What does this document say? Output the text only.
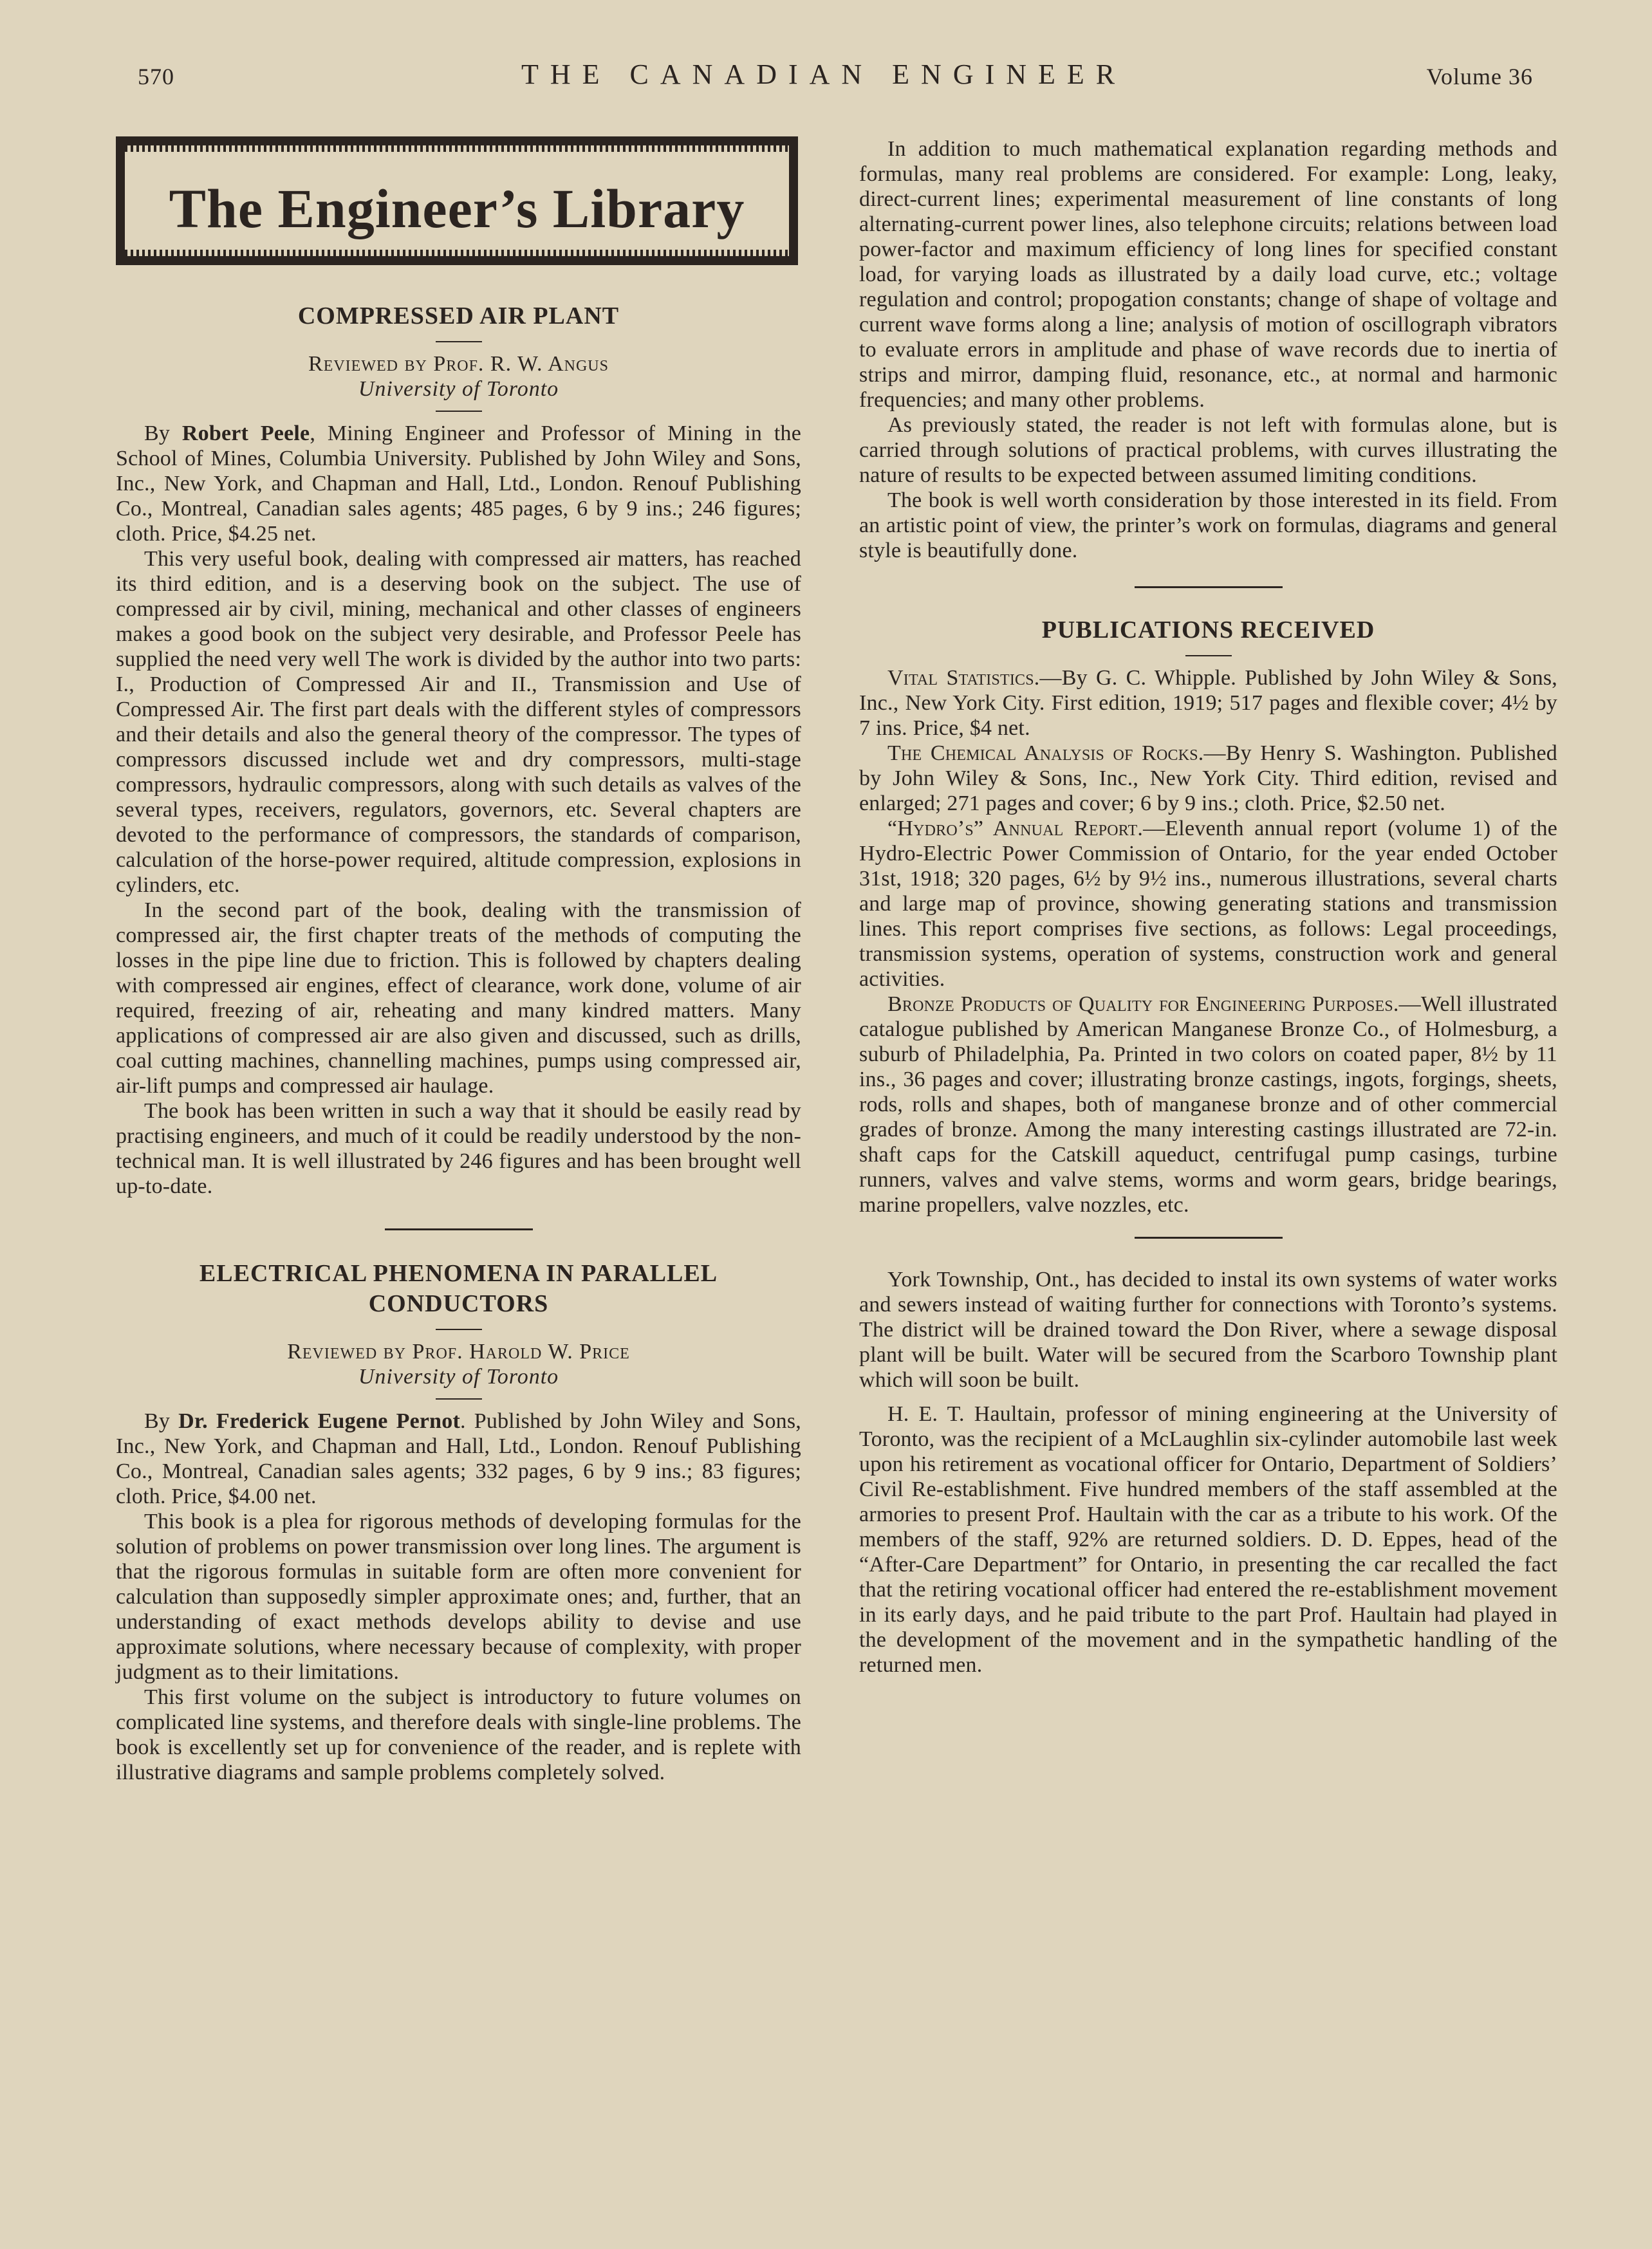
570	THE CANADIAN ENGINEER	Volume 36
The Engineer’s Library
COMPRESSED AIR PLANT
Reviewed by Prof. R. W. Angus
University of Toronto

By Robert Peele, Mining Engineer and Professor of Mining in the School of Mines, Columbia University. Published by John Wiley and Sons, Inc., New York, and Chapman and Hall, Ltd., London. Renouf Publishing Co., Montreal, Canadian sales agents; 485 pages, 6 by 9 ins.; 246 figures; cloth. Price, $4.25 net.

This very useful book, dealing with compressed air matters, has reached its third edition, and is a deserving book on the subject. The use of compressed air by civil, mining, mechanical and other classes of engineers makes a good book on the subject very desirable, and Professor Peele has supplied the need very well The work is divided by the author into two parts: I., Production of Compressed Air and II., Transmission and Use of Compressed Air. The first part deals with the different styles of compressors and their details and also the general theory of the compressor. The types of compressors discussed include wet and dry compressors, multi-stage compressors, hydraulic compressors, along with such details as valves of the several types, receivers, regulators, governors, etc. Several chapters are devoted to the performance of compressors, the standards of comparison, calculation of the horse-power required, altitude compression, explosions in cylinders, etc.

In the second part of the book, dealing with the transmission of compressed air, the first chapter treats of the methods of computing the losses in the pipe line due to friction. This is followed by chapters dealing with compressed air engines, effect of clearance, work done, volume of air required, freezing of air, reheating and many kindred matters. Many applications of compressed air are also given and discussed, such as drills, coal cutting machines, channelling machines, pumps using compressed air, air-lift pumps and compressed air haulage.

The book has been written in such a way that it should be easily read by practising engineers, and much of it could be readily understood by the non-technical man. It is well illustrated by 246 figures and has been brought well up-to-date.

ELECTRICAL PHENOMENA IN PARALLEL
CONDUCTORS
Reviewed by Prof. Harold W. Price
University of Toronto

By Dr. Frederick Eugene Pernot. Published by John Wiley and Sons, Inc., New York, and Chapman and Hall, Ltd., London. Renouf Publishing Co., Montreal, Canadian sales agents; 332 pages, 6 by 9 ins.; 83 figures; cloth. Price, $4.00 net.

This book is a plea for rigorous methods of developing formulas for the solution of problems on power transmission over long lines. The argument is that the rigorous formulas in suitable form are often more convenient for calculation than supposedly simpler approximate ones; and, further, that an understanding of exact methods develops ability to devise and use approximate solutions, where necessary because of complexity, with proper judgment as to their limitations.

This first volume on the subject is introductory to future volumes on complicated line systems, and therefore deals with single-line problems. The book is excellently set up for convenience of the reader, and is replete with illustrative diagrams and sample problems completely solved.

In addition to much mathematical explanation regarding methods and formulas, many real problems are considered. For example: Long, leaky, direct-current lines; experimental measurement of line constants of long alternating-current power lines, also telephone circuits; relations between load power-factor and maximum efficiency of long lines for specified constant load, for varying loads as illustrated by a daily load curve, etc.; voltage regulation and control; propogation constants; change of shape of voltage and current wave forms along a line; analysis of motion of oscillograph vibrators to evaluate errors in amplitude and phase of wave records due to inertia of strips and mirror, damping fluid, resonance, etc., at normal and harmonic frequencies; and many other problems.

As previously stated, the reader is not left with formulas alone, but is carried through solutions of practical problems, with curves illustrating the nature of results to be expected between assumed limiting conditions.

The book is well worth consideration by those interested in its field. From an artistic point of view, the printer’s work on formulas, diagrams and general style is beautifully done.

PUBLICATIONS RECEIVED

Vital Statistics.—By G. C. Whipple. Published by John Wiley & Sons, Inc., New York City. First edition, 1919; 517 pages and flexible cover; 4½ by 7 ins. Price, $4 net.

The Chemical Analysis of Rocks.—By Henry S. Washington. Published by John Wiley & Sons, Inc., New York City. Third edition, revised and enlarged; 271 pages and cover; 6 by 9 ins.; cloth. Price, $2.50 net.

“Hydro’s” Annual Report.—Eleventh annual report (volume 1) of the Hydro-Electric Power Commission of Ontario, for the year ended October 31st, 1918; 320 pages, 6½ by 9½ ins., numerous illustrations, several charts and large map of province, showing generating stations and transmission lines. This report comprises five sections, as follows: Legal proceedings, transmission systems, operation of systems, construction work and general activities.

Bronze Products of Quality for Engineering Purposes.—Well illustrated catalogue published by American Manganese Bronze Co., of Holmesburg, a suburb of Philadelphia, Pa. Printed in two colors on coated paper, 8½ by 11 ins., 36 pages and cover; illustrating bronze castings, ingots, forgings, sheets, rods, rolls and shapes, both of manganese bronze and of other commercial grades of bronze. Among the many interesting castings illustrated are 72-in. shaft caps for the Catskill aqueduct, centrifugal pump casings, turbine runners, valves and valve stems, worms and worm gears, bridge bearings, marine propellers, valve nozzles, etc.

York Township, Ont., has decided to instal its own systems of water works and sewers instead of waiting further for connections with Toronto’s systems. The district will be drained toward the Don River, where a sewage disposal plant will be built. Water will be secured from the Scarboro Township plant which will soon be built.

H. E. T. Haultain, professor of mining engineering at the University of Toronto, was the recipient of a McLaughlin six-cylinder automobile last week upon his retirement as vocational officer for Ontario, Department of Soldiers’ Civil Re-establishment. Five hundred members of the staff assembled at the armories to present Prof. Haultain with the car as a tribute to his work. Of the members of the staff, 92% are returned soldiers. D. D. Eppes, head of the “After-Care Department” for Ontario, in presenting the car recalled the fact that the retiring vocational officer had entered the re-establishment movement in its early days, and he paid tribute to the part Prof. Haultain had played in the development of the movement and in the sympathetic handling of the returned men.
